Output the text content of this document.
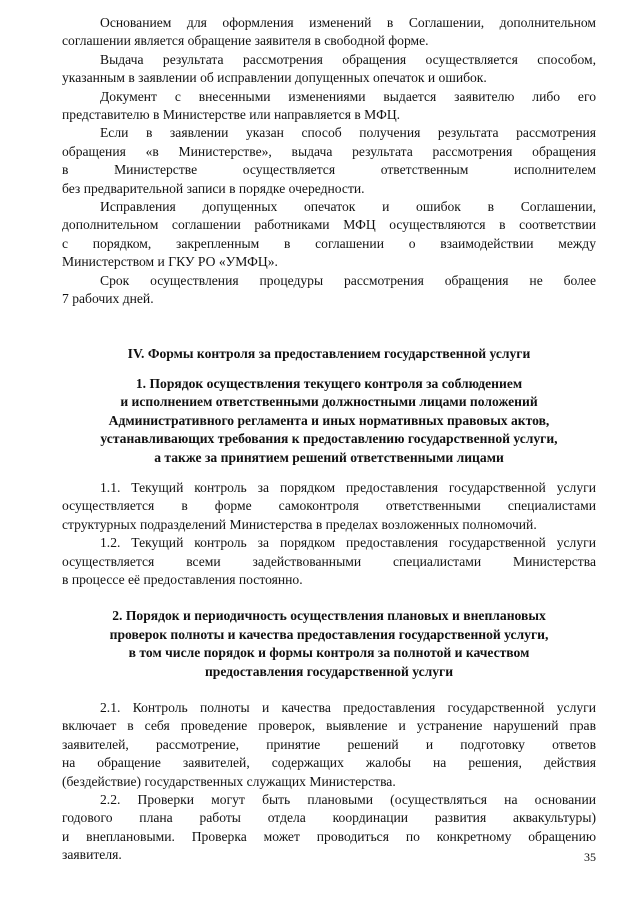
Основанием для оформления изменений в Соглашении, дополнительном
соглашении является обращение заявителя в свободной форме.

Выдача результата рассмотрения обращения осуществляется способом,
указанным в заявлении об исправлении допущенных опечаток и ошибок.

Документ с внесенными изменениями выдается заявителю либо его
представителю в Министерстве или направляется в МФЦ.

Если в заявлении указан способ получения результата рассмотрения
обращения «в Министерстве», выдача результата рассмотрения обращения
в Министерстве осуществляется ответственным исполнителем
без предварительной записи в порядке очередности.

Исправления допущенных опечаток и ошибок в Соглашении,
дополнительном соглашении работниками МФЦ осуществляются в соответствии
с порядком, закрепленным в соглашении о взаимодействии между
Министерством и ГКУ РО «УМФЦ».

Срок осуществления процедуры рассмотрения обращения не более
7 рабочих дней.

IV. Формы контроля за предоставлением государственной услуги

1. Порядок осуществления текущего контроля за соблюдением
и исполнением ответственными должностными лицами положений
Административного регламента и иных нормативных правовых актов,
устанавливающих требования к предоставлению государственной услуги,
а также за принятием решений ответственными лицами

1.1. Текущий контроль за порядком предоставления государственной услуги
осуществляется в форме самоконтроля ответственными специалистами
структурных подразделений Министерства в пределах возложенных полномочий.

1.2. Текущий контроль за порядком предоставления государственной услуги
осуществляется всеми задействованными специалистами Министерства
в процессе её предоставления постоянно.

2. Порядок и периодичность осуществления плановых и внеплановых
проверок полноты и качества предоставления государственной услуги,
в том числе порядок и формы контроля за полнотой и качеством
предоставления государственной услуги

2.1. Контроль полноты и качества предоставления государственной услуги
включает в себя проведение проверок, выявление и устранение нарушений прав
заявителей, рассмотрение, принятие решений и подготовку ответов
на обращение заявителей, содержащих жалобы на решения, действия
(бездействие) государственных служащих Министерства.

2.2. Проверки могут быть плановыми (осуществляться на основании
годового плана работы отдела координации развития аквакультуры)
и внеплановыми. Проверка может проводиться по конкретному обращению
заявителя.	35
